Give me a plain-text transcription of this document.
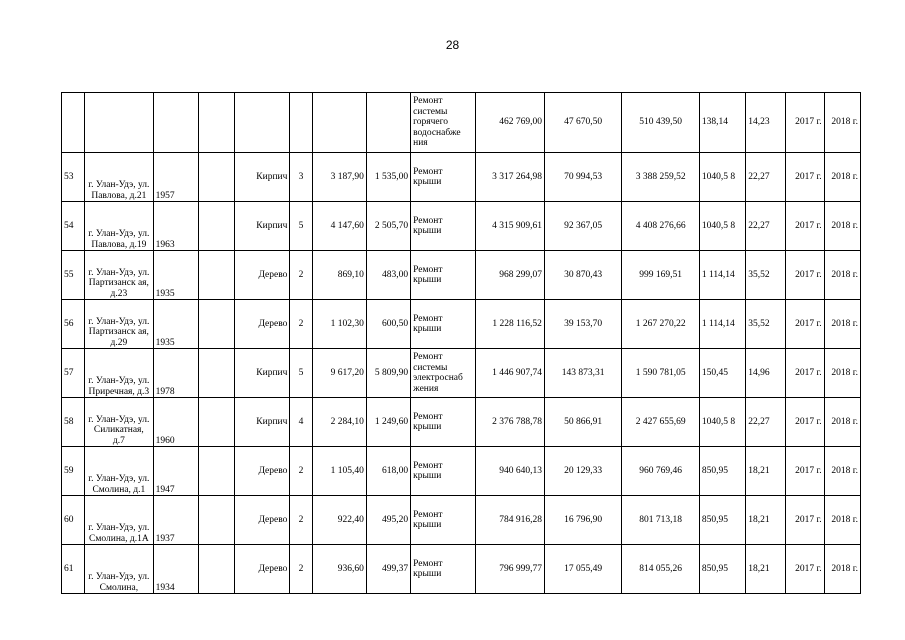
28
								Ремонт системы горячего водоснабже ния	462 769,00	47 670,50	510 439,50	138,14	14,23	2017 г.	2018 г.
53	г. Улан-Удэ, ул. Павлова, д.21	1957		Кирпич	3	3 187,90	1 535,00	Ремонт крыши	3 317 264,98	70 994,53	3 388 259,52	1040,5 8	22,27	2017 г.	2018 г.
54	г. Улан-Удэ, ул. Павлова, д.19	1963		Кирпич	5	4 147,60	2 505,70	Ремонт крыши	4 315 909,61	92 367,05	4 408 276,66	1040,5 8	22,27	2017 г.	2018 г.
55	г. Улан-Удэ, ул. Партизанск ая, д.23	1935		Дерево	2	869,10	483,00	Ремонт крыши	968 299,07	30 870,43	999 169,51	1 114,14	35,52	2017 г.	2018 г.
56	г. Улан-Удэ, ул. Партизанск ая, д.29	1935		Дерево	2	1 102,30	600,50	Ремонт крыши	1 228 116,52	39 153,70	1 267 270,22	1 114,14	35,52	2017 г.	2018 г.
57	г. Улан-Удэ, ул. Приречная, д.3	1978		Кирпич	5	9 617,20	5 809,90	Ремонт системы электроснаб жения	1 446 907,74	143 873,31	1 590 781,05	150,45	14,96	2017 г.	2018 г.
58	г. Улан-Удэ, ул. Силикатная, д.7	1960		Кирпич	4	2 284,10	1 249,60	Ремонт крыши	2 376 788,78	50 866,91	2 427 655,69	1040,5 8	22,27	2017 г.	2018 г.
59	г. Улан-Удэ, ул. Смолина, д.1	1947		Дерево	2	1 105,40	618,00	Ремонт крыши	940 640,13	20 129,33	960 769,46	850,95	18,21	2017 г.	2018 г.
60	г. Улан-Удэ, ул. Смолина, д.1А	1937		Дерево	2	922,40	495,20	Ремонт крыши	784 916,28	16 796,90	801 713,18	850,95	18,21	2017 г.	2018 г.
61	г. Улан-Удэ, ул. Смолина,	1934		Дерево	2	936,60	499,37	Ремонт крыши	796 999,77	17 055,49	814 055,26	850,95	18,21	2017 г.	2018 г.
